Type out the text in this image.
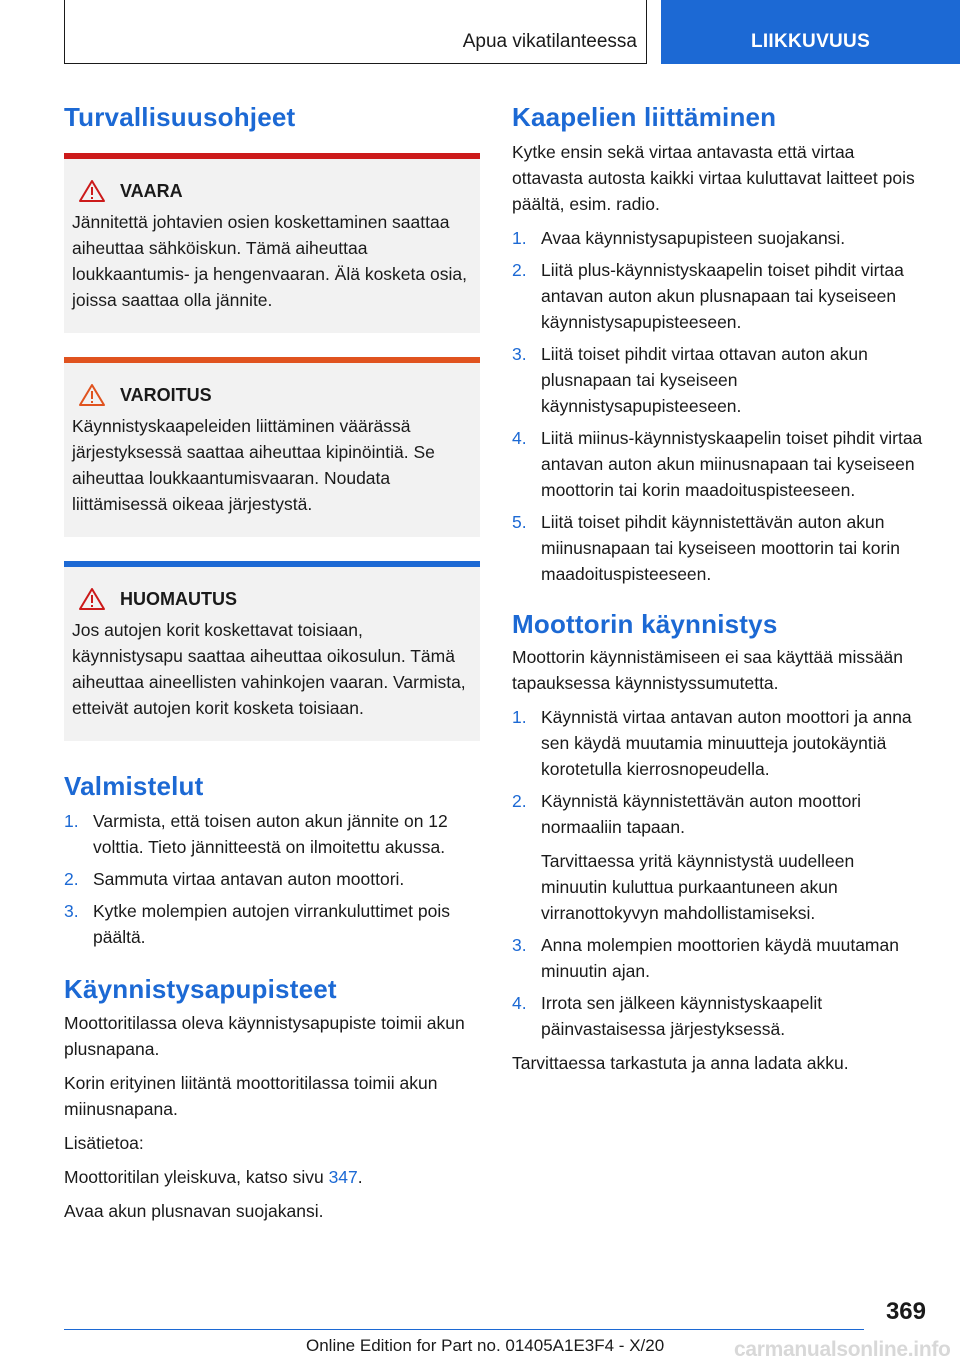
Apua vikatilanteessa	LIIKKUVUUS
Turvallisuusohjeet
VAARA

Jännitettä johtavien osien koskettaminen saattaa aiheuttaa sähköiskun. Tämä aiheuttaa loukkaantumis- ja hengenvaaran. Älä kosketa osia, joissa saattaa olla jännite.

VAROITUS

Käynnistyskaapeleiden liittäminen väärässä järjestyksessä saattaa aiheuttaa kipinöintiä. Se aiheuttaa loukkaantumisvaaran. Noudata liittämisessä oikeaa järjestystä.

HUOMAUTUS

Jos autojen korit koskettavat toisiaan, käynnistysapu saattaa aiheuttaa oikosulun. Tämä aiheuttaa aineellisten vahinkojen vaaran. Varmista, etteivät autojen korit kosketa toisiaan.

Valmistelut
1. Varmista, että toisen auton akun jännite on 12 volttia. Tieto jännitteestä on ilmoitettu akussa.
2. Sammuta virtaa antavan auton moottori.
3. Kytke molempien autojen virrankuluttimet pois päältä.
Käynnistysapupisteet

Moottoritilassa oleva käynnistysapupiste toimii akun plusnapana.

Korin erityinen liitäntä moottoritilassa toimii akun miinusnapana.

Lisätietoa:

Moottoritilan yleiskuva, katso sivu 347.

Avaa akun plusnavan suojakansi.

Kaapelien liittäminen

Kytke ensin sekä virtaa antavasta että virtaa ottavasta autosta kaikki virtaa kuluttavat laitteet pois päältä, esim. radio.

1. Avaa käynnistysapupisteen suojakansi.
2. Liitä plus-käynnistyskaapelin toiset pihdit virtaa antavan auton akun plusnapaan tai kyseiseen käynnistysapupisteeseen.
3. Liitä toiset pihdit virtaa ottavan auton akun plusnapaan tai kyseiseen käynnistysapupisteeseen.
4. Liitä miinus-käynnistyskaapelin toiset pihdit virtaa antavan auton akun miinusnapaan tai kyseiseen moottorin tai korin maadoituspisteeseen.
5. Liitä toiset pihdit käynnistettävän auton akun miinusnapaan tai kyseiseen moottorin tai korin maadoituspisteeseen.
Moottorin käynnistys

Moottorin käynnistämiseen ei saa käyttää missään tapauksessa käynnistyssumutetta.

1. Käynnistä virtaa antavan auton moottori ja anna sen käydä muutamia minuutteja joutokäyntiä korotetulla kierrosnopeudella.
2. Käynnistä käynnistettävän auton moottori normaaliin tapaan.
Tarvittaessa yritä käynnistystä uudelleen minuutin kuluttua purkaantuneen akun virranottokyvyn mahdollistamiseksi.
3. Anna molempien moottorien käydä muutaman minuutin ajan.
4. Irrota sen jälkeen käynnistyskaapelit päinvastaisessa järjestyksessä.

Tarvittaessa tarkastuta ja anna ladata akku.

369
Online Edition for Part no. 01405A1E3F4 - X/20	carmanualsonline.info
